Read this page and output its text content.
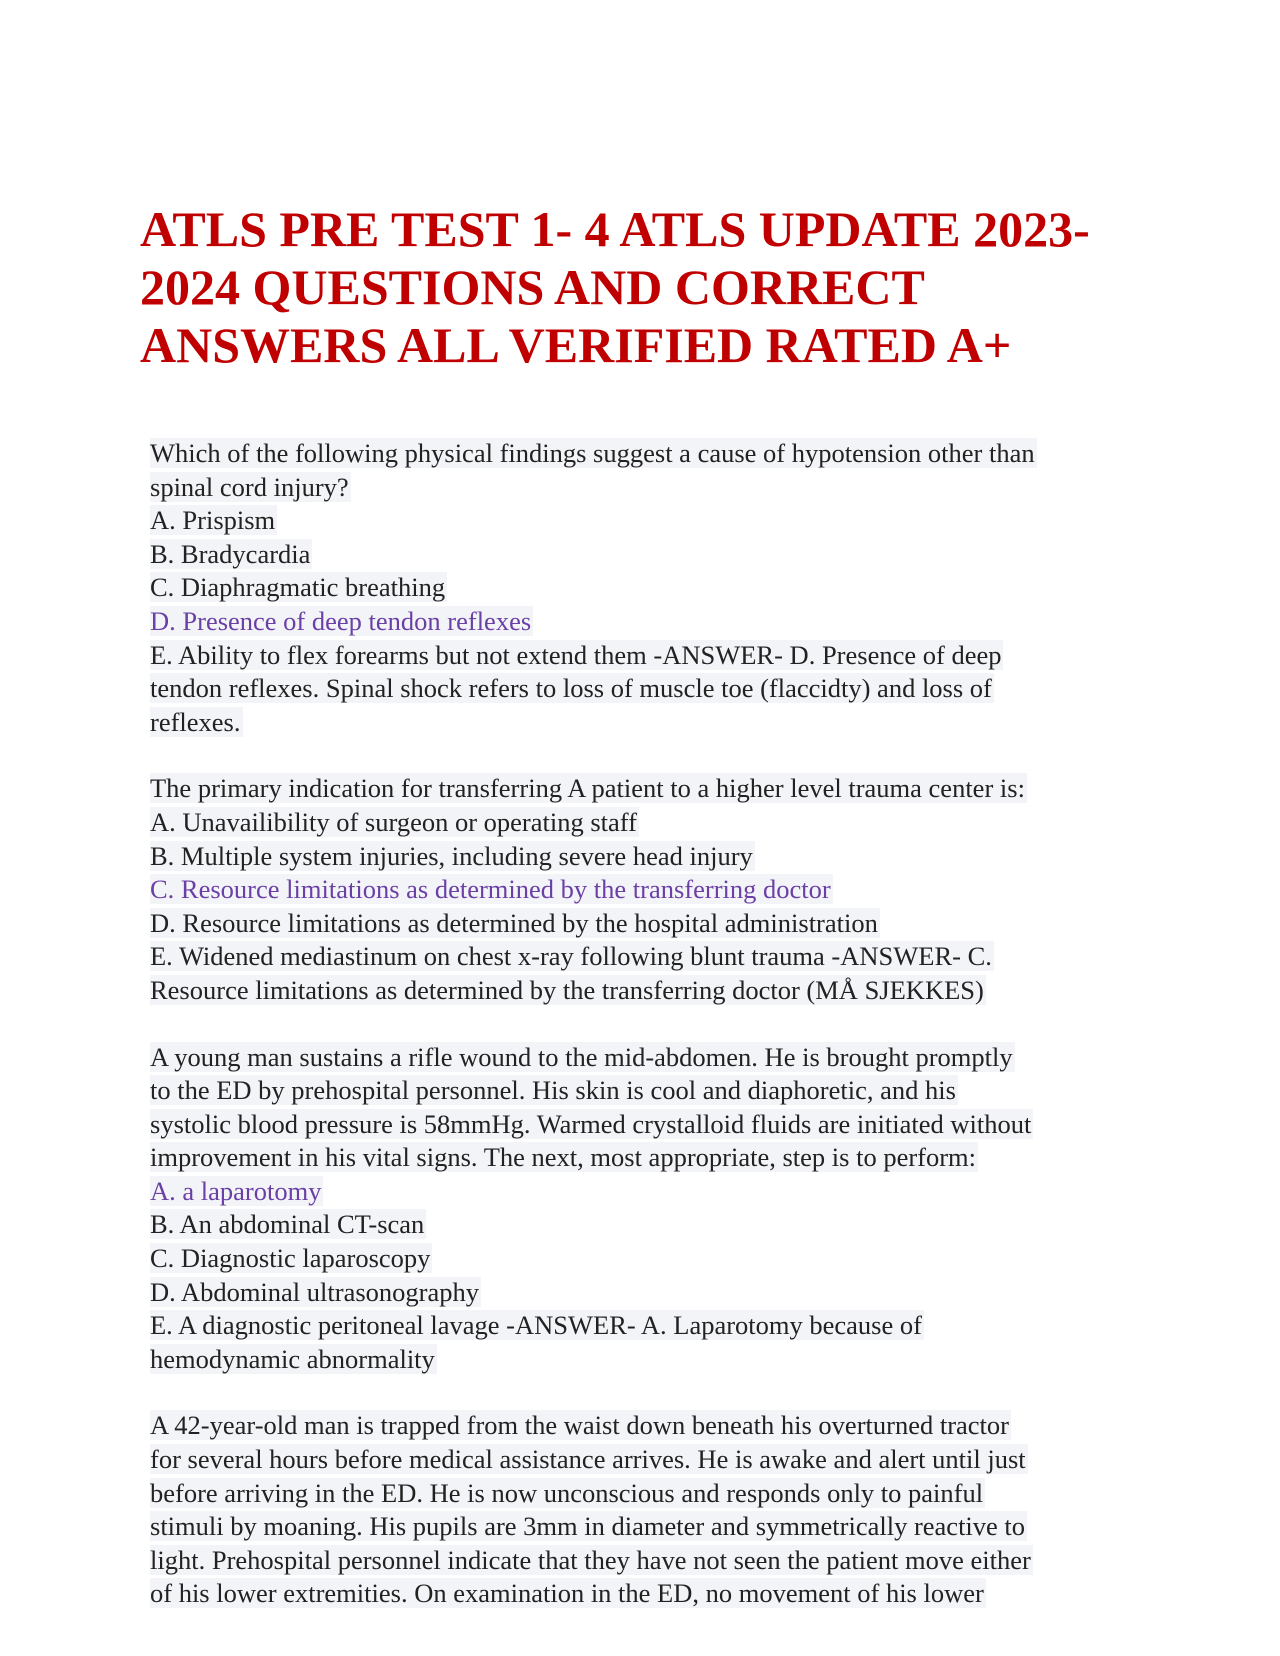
ATLS PRE TEST 1- 4 ATLS UPDATE 2023-
2024 QUESTIONS AND CORRECT
ANSWERS ALL VERIFIED RATED A+
Which of the following physical findings suggest a cause of hypotension other than
spinal cord injury?
A. Prispism
B. Bradycardia
C. Diaphragmatic breathing
D. Presence of deep tendon reflexes
E. Ability to flex forearms but not extend them -ANSWER- D. Presence of deep
tendon reflexes. Spinal shock refers to loss of muscle toe (flaccidty) and loss of
reflexes.
The primary indication for transferring A patient to a higher level trauma center is:
A. Unavailibility of surgeon or operating staff
B. Multiple system injuries, including severe head injury
C. Resource limitations as determined by the transferring doctor
D. Resource limitations as determined by the hospital administration
E. Widened mediastinum on chest x-ray following blunt trauma -ANSWER- C.
Resource limitations as determined by the transferring doctor (MÅ SJEKKES)
A young man sustains a rifle wound to the mid-abdomen. He is brought promptly
to the ED by prehospital personnel. His skin is cool and diaphoretic, and his
systolic blood pressure is 58mmHg. Warmed crystalloid fluids are initiated without
improvement in his vital signs. The next, most appropriate, step is to perform:
A. a laparotomy
B. An abdominal CT-scan
C. Diagnostic laparoscopy
D. Abdominal ultrasonography
E. A diagnostic peritoneal lavage -ANSWER- A. Laparotomy because of
hemodynamic abnormality
A 42-year-old man is trapped from the waist down beneath his overturned tractor
for several hours before medical assistance arrives. He is awake and alert until just
before arriving in the ED. He is now unconscious and responds only to painful
stimuli by moaning. His pupils are 3mm in diameter and symmetrically reactive to
light. Prehospital personnel indicate that they have not seen the patient move either
of his lower extremities. On examination in the ED, no movement of his lower
